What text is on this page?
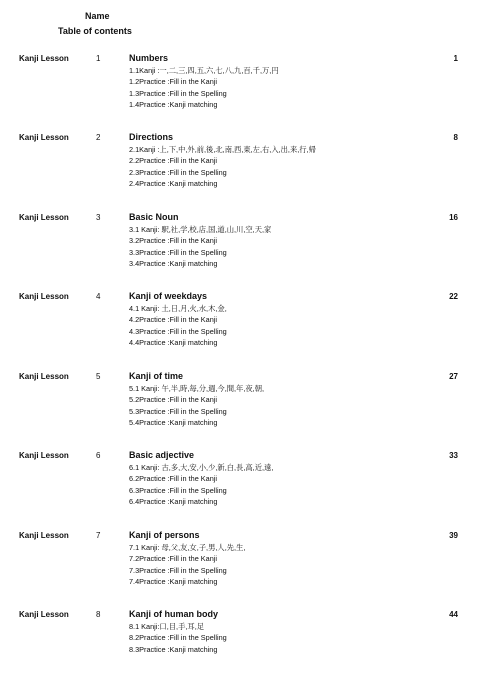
Name
Table of contents
Kanji Lesson	1	Numbers	1
1.1Kanji :一,二,三,四,五,六,七,八,九,百,千,万,円
1.2Practice :Fill in the Kanji
1.3Practice :Fill in the Spelling
1.4Practice :Kanji matching
Kanji Lesson	2	Directions	8
2.1Kanji :上,下,中,外,前,後,北,南,西,東,左,右,入,出,来,行,帰
2.2Practice :Fill in the Kanji
2.3Practice :Fill in the Spelling
2.4Practice :Kanji matching
Kanji Lesson	3	Basic Noun	16
3.1 Kanji: 駅,社,学,校,店,国,道,山,川,空,天,家
3.2Practice :Fill in the Kanji
3.3Practice :Fill in the Spelling
3.4Practice :Kanji matching
Kanji Lesson	4	Kanji of weekdays	22
4.1 Kanji: 土,日,月,火,水,木,金,
4.2Practice :Fill in the Kanji
4.3Practice :Fill in the Spelling
4.4Practice :Kanji matching
Kanji Lesson	5	Kanji of time	27
5.1 Kanji: 午,半,時,毎,分,週,今,間,年,夜,朝,
5.2Practice :Fill in the Kanji
5.3Practice :Fill in the Spelling
5.4Practice :Kanji matching
Kanji Lesson	6	Basic adjective	33
6.1 Kanji: 古,多,大,安,小,少,新,白,長,高,近,遠,
6.2Practice :Fill in the Kanji
6.3Practice :Fill in the Spelling
6.4Practice :Kanji matching
Kanji Lesson	7	Kanji of persons	39
7.1 Kanji: 母,父,友,女,子,男,人,先,生,
7.2Practice :Fill in the Kanji
7.3Practice :Fill in the Spelling
7.4Practice :Kanji matching
Kanji Lesson	8	Kanji of human body	44
8.1 Kanji:口,目,手,耳,足
8.2Practice :Fill in the Spelling
8.3Practice :Kanji matching
